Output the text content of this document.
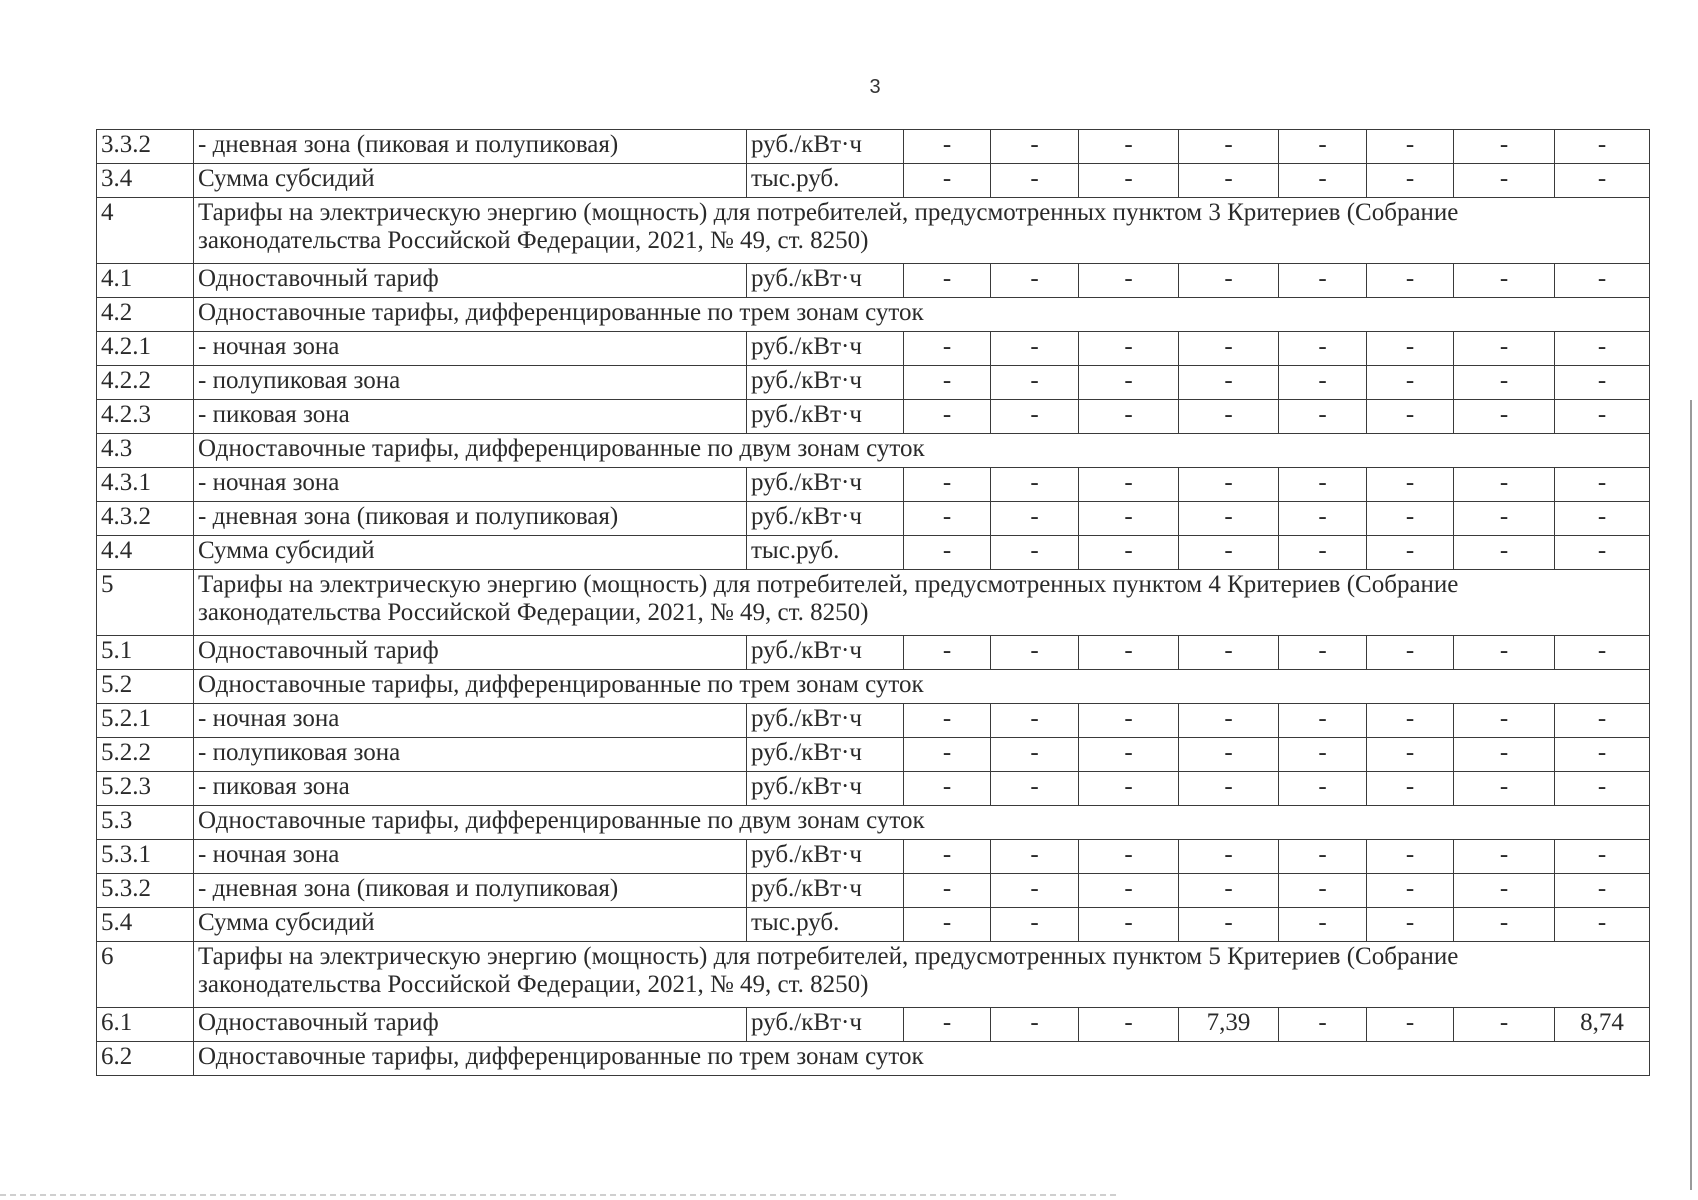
3
3.3.2	- дневная зона (пиковая и полупиковая)	руб./кВт·ч	-	-	-	-	-	-	-	-
3.4	Сумма субсидий	тыс.руб.	-	-	-	-	-	-	-	-
4	Тарифы на электрическую энергию (мощность) для потребителей, предусмотренных пунктом 3 Критериев (Собрание законодательства Российской Федерации, 2021, № 49, ст. 8250)									
4.1	Одноставочный тариф	руб./кВт·ч	-	-	-	-	-	-	-	-
4.2	Одноставочные тарифы, дифференцированные по трем зонам суток									
4.2.1	- ночная зона	руб./кВт·ч	-	-	-	-	-	-	-	-
4.2.2	- полупиковая зона	руб./кВт·ч	-	-	-	-	-	-	-	-
4.2.3	- пиковая зона	руб./кВт·ч	-	-	-	-	-	-	-	-
4.3	Одноставочные тарифы, дифференцированные по двум зонам суток									
4.3.1	- ночная зона	руб./кВт·ч	-	-	-	-	-	-	-	-
4.3.2	- дневная зона (пиковая и полупиковая)	руб./кВт·ч	-	-	-	-	-	-	-	-
4.4	Сумма субсидий	тыс.руб.	-	-	-	-	-	-	-	-
5	Тарифы на электрическую энергию (мощность) для потребителей, предусмотренных пунктом 4 Критериев (Собрание законодательства Российской Федерации, 2021, № 49, ст. 8250)									
5.1	Одноставочный тариф	руб./кВт·ч	-	-	-	-	-	-	-	-
5.2	Одноставочные тарифы, дифференцированные по трем зонам суток									
5.2.1	- ночная зона	руб./кВт·ч	-	-	-	-	-	-	-	-
5.2.2	- полупиковая зона	руб./кВт·ч	-	-	-	-	-	-	-	-
5.2.3	- пиковая зона	руб./кВт·ч	-	-	-	-	-	-	-	-
5.3	Одноставочные тарифы, дифференцированные по двум зонам суток									
5.3.1	- ночная зона	руб./кВт·ч	-	-	-	-	-	-	-	-
5.3.2	- дневная зона (пиковая и полупиковая)	руб./кВт·ч	-	-	-	-	-	-	-	-
5.4	Сумма субсидий	тыс.руб.	-	-	-	-	-	-	-	-
6	Тарифы на электрическую энергию (мощность) для потребителей, предусмотренных пунктом 5 Критериев (Собрание законодательства Российской Федерации, 2021, № 49, ст. 8250)									
6.1	Одноставочный тариф	руб./кВт·ч	-	-	-	7,39	-	-	-	8,74
6.2	Одноставочные тарифы, дифференцированные по трем зонам суток									
